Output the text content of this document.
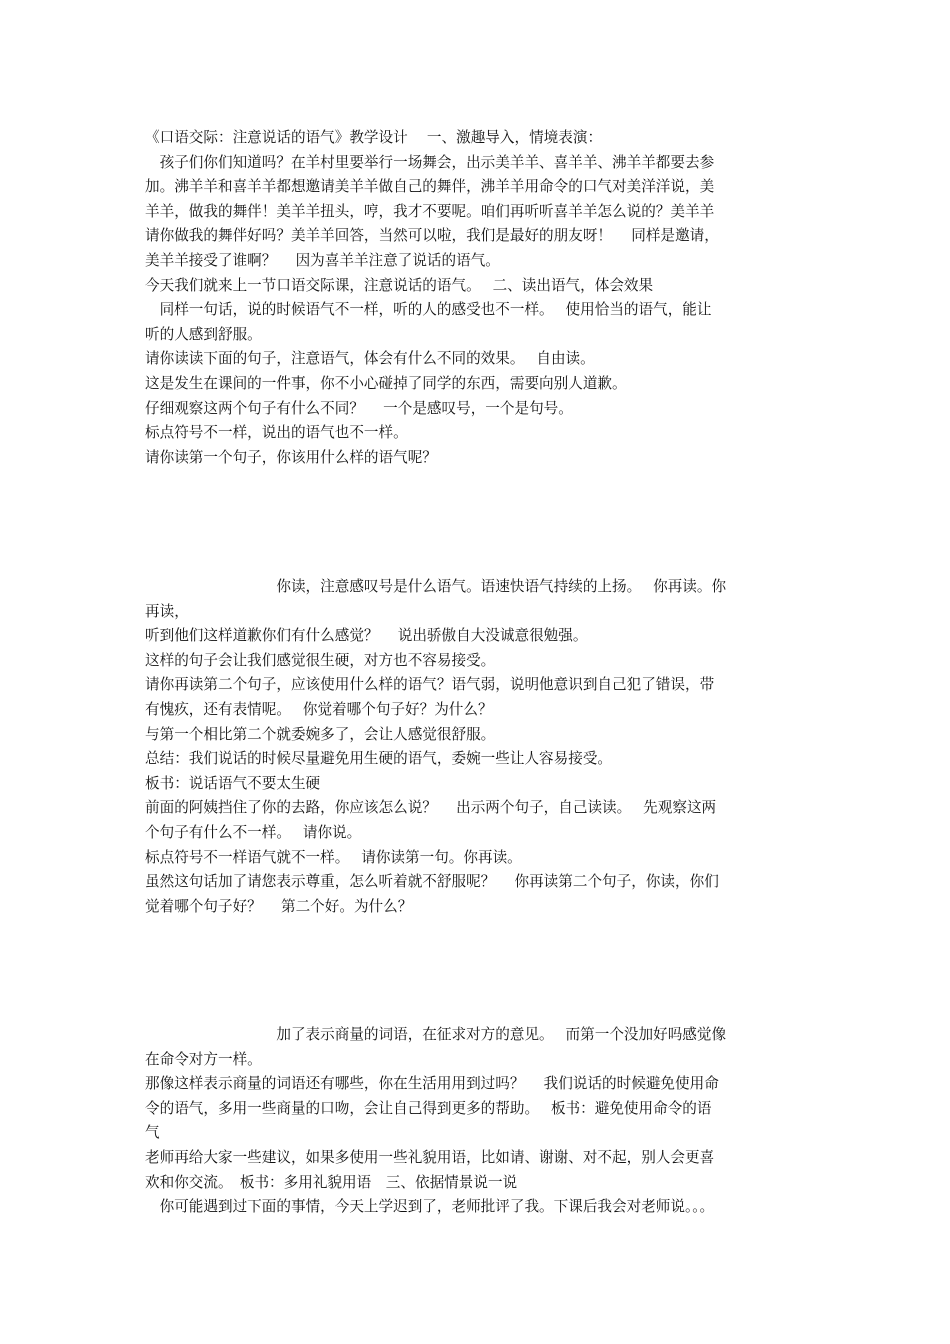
《口语交际：注意说话的语气》教学设计　 一、激趣导入，情境表演：
　孩子们你们知道吗？在羊村里要举行一场舞会，出示美羊羊、喜羊羊、沸羊羊都要去参
加。沸羊羊和喜羊羊都想邀请美羊羊做自己的舞伴，沸羊羊用命令的口气对美洋洋说，美
羊羊，做我的舞伴！美羊羊扭头，哼，我才不要呢。咱们再听听喜羊羊怎么说的？美羊羊
请你做我的舞伴好吗？美羊羊回答，当然可以啦，我们是最好的朋友呀！　 同样是邀请，
美羊羊接受了谁啊？　 因为喜羊羊注意了说话的语气。
今天我们就来上一节口语交际课，注意说话的语气。　 二、读出语气，体会效果
　同样一句话，说的时候语气不一样，听的人的感受也不一样。　 使用恰当的语气，能让
听的人感到舒服。
请你读读下面的句子，注意语气，体会有什么不同的效果。　 自由读。
这是发生在课间的一件事，你不小心碰掉了同学的东西，需要向别人道歉。
仔细观察这两个句子有什么不同？　 一个是感叹号，一个是句号。
标点符号不一样，说出的语气也不一样。
请你读第一个句子，你该用什么样的语气呢？
　　　　　　　　　你读，注意感叹号是什么语气。语速快语气持续的上扬。　 你再读。你
再读，
听到他们这样道歉你们有什么感觉？　 说出骄傲自大没诚意很勉强。
这样的句子会让我们感觉很生硬，对方也不容易接受。
请你再读第二个句子，应该使用什么样的语气？语气弱，说明他意识到自己犯了错误，带
有愧疚，还有表情呢。　 你觉着哪个句子好？为什么？
与第一个相比第二个就委婉多了，会让人感觉很舒服。
总结：我们说话的时候尽量避免用生硬的语气，委婉一些让人容易接受。
板书：说话语气不要太生硬
前面的阿姨挡住了你的去路，你应该怎么说？　 出示两个句子，自己读读。　 先观察这两
个句子有什么不一样。　 请你说。
标点符号不一样语气就不一样。　 请你读第一句。你再读。
虽然这句话加了请您表示尊重，怎么听着就不舒服呢？　 你再读第二个句子，你读，你们
觉着哪个句子好？　 第二个好。为什么？
　　　　　　　　　加了表示商量的词语，在征求对方的意见。　 而第一个没加好吗感觉像
在命令对方一样。
那像这样表示商量的词语还有哪些，你在生活用用到过吗？　 我们说话的时候避免使用命
令的语气，多用一些商量的口吻，会让自己得到更多的帮助。　 板书：避免使用命令的语
气
老师再给大家一些建议，如果多使用一些礼貌用语，比如请、谢谢、对不起，别人会更喜
欢和你交流。　板书：多用礼貌用语　三、依据情景说一说
　你可能遇到过下面的事情，今天上学迟到了，老师批评了我。下课后我会对老师说。。。
